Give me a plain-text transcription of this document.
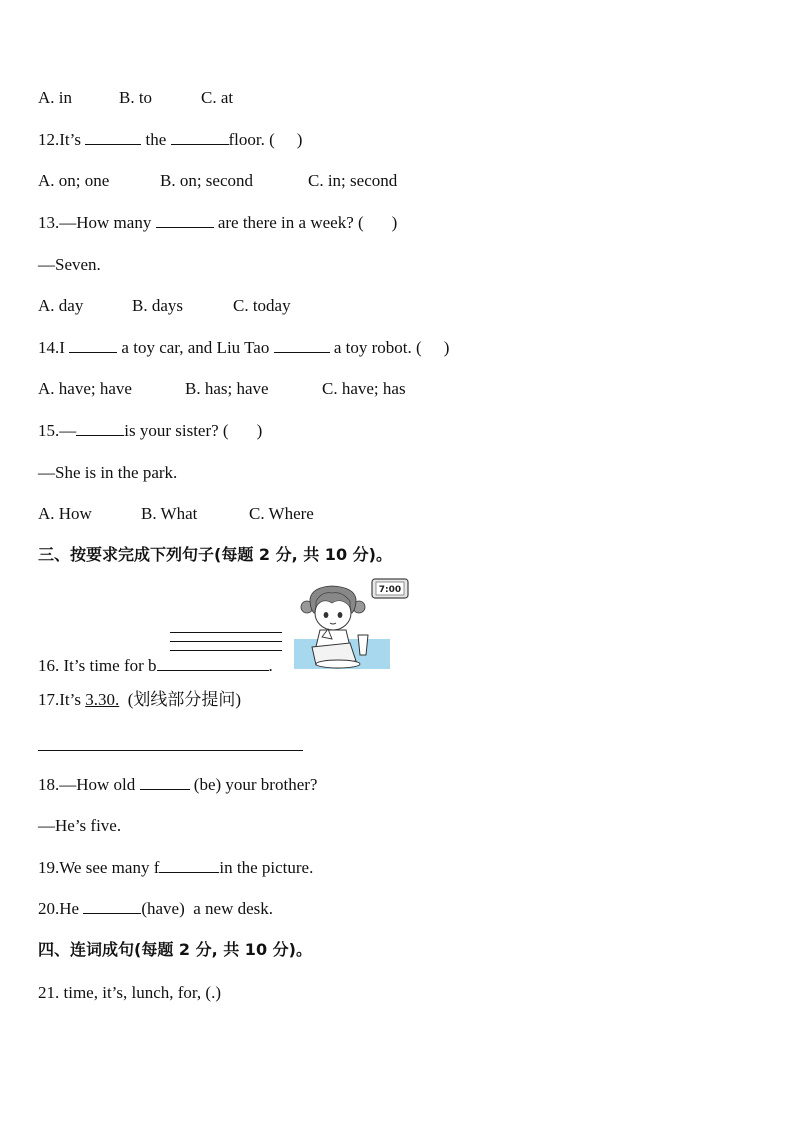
A. in	B. to	C. at
12.It’s	the	floor. ( )
A. on; one	B. on; second	C. in; second
13.—How many	are there in a week? ( )
—Seven.
A. day	B. days	C. today
14.I	a toy car, and Liu Tao	a toy robot. ( )
A. have; have	B. has; have	C. have; has
15.—	is your sister? ( )
—She is in the park.
A. How	B. What	C. Where
三、按要求完成下列句子(每题 2 分, 共 10 分)。
7:00
16. It’s time for b	.
17.It’s 3.30.  (划线部分提问)
18.—How old	(be) your brother?
—He’s five.
19.We see many f	in the picture.
20.He	(have)  a new desk.
四、连词成句(每题 2 分, 共 10 分)。
21. time, it’s, lunch, for, (.)
